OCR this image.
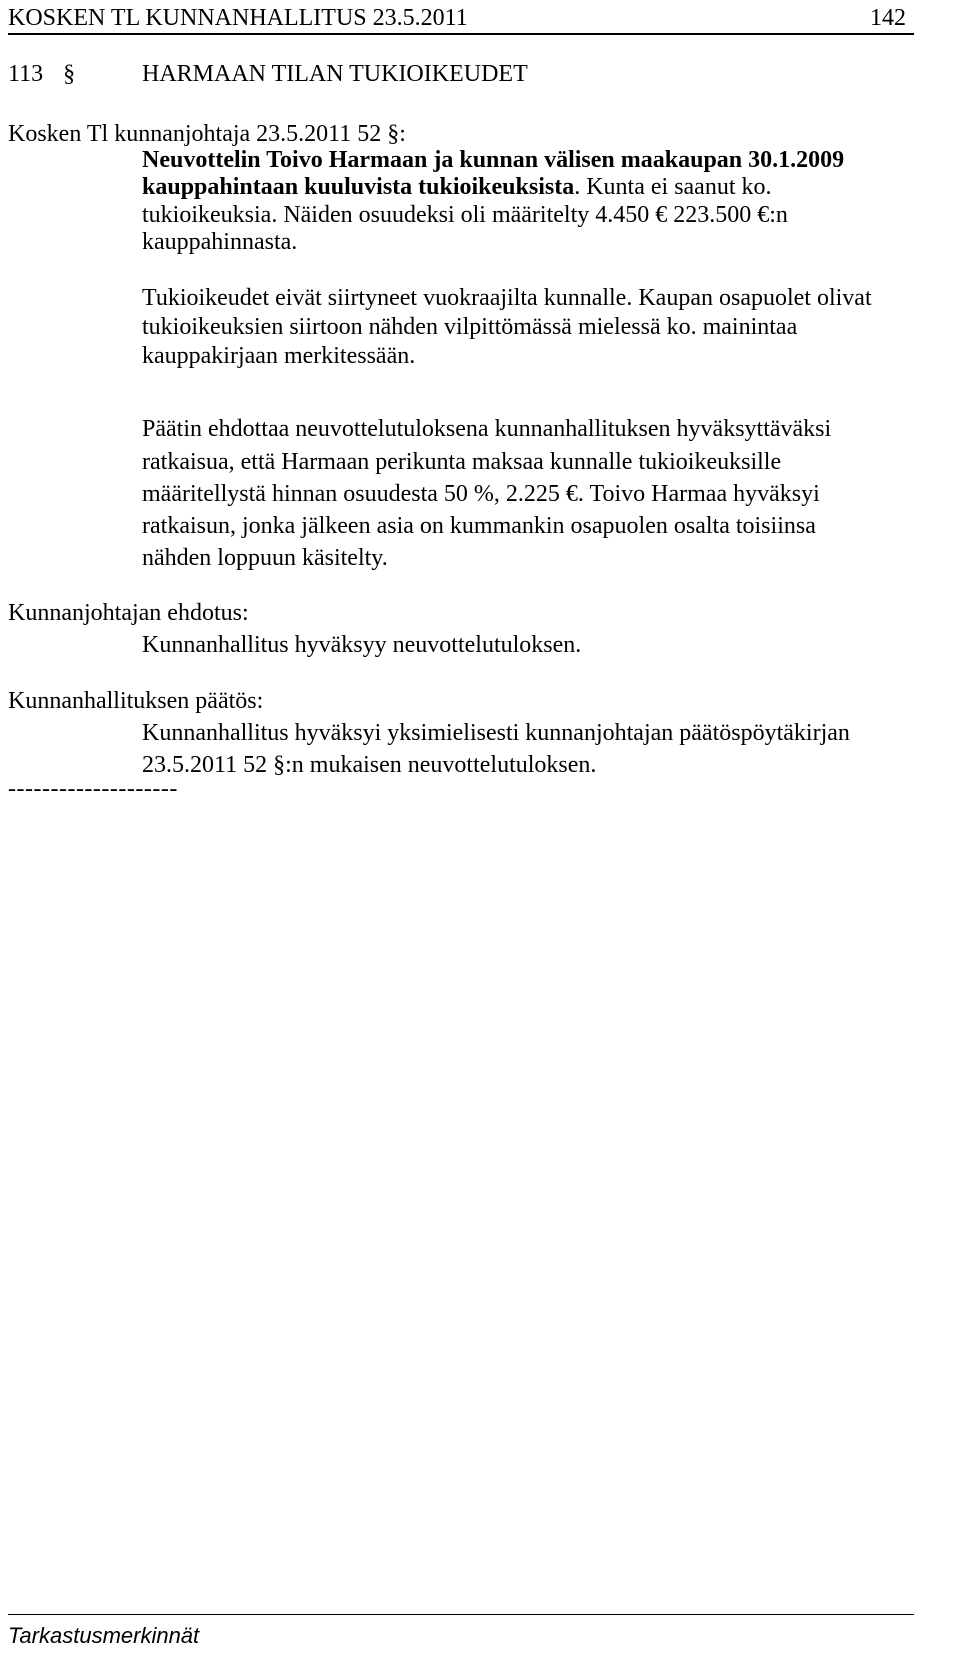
KOSKEN TL KUNNANHALLITUS 23.5.2011	142
113 §	HARMAAN TILAN TUKIOIKEUDET
Kosken Tl kunnanjohtaja 23.5.2011 52 §:
Neuvottelin Toivo Harmaan ja kunnan välisen maakaupan 30.1.2009
kauppahintaan kuuluvista tukioikeuksista. Kunta ei saanut ko.
tukioikeuksia. Näiden osuudeksi oli määritelty 4.450 € 223.500 €:n
kauppahinnasta.
Tukioikeudet eivät siirtyneet vuokraajilta kunnalle. Kaupan osapuolet olivat
tukioikeuksien siirtoon nähden vilpittömässä mielessä ko. mainintaa
kauppakirjaan merkitessään.
Päätin ehdottaa neuvottelutuloksena kunnanhallituksen hyväksyttäväksi
ratkaisua, että Harmaan perikunta maksaa kunnalle tukioikeuksille
määritellystä hinnan osuudesta 50 %, 2.225 €. Toivo Harmaa hyväksyi
ratkaisun, jonka jälkeen asia on kummankin osapuolen osalta toisiinsa
nähden loppuun käsitelty.
Kunnanjohtajan ehdotus:
Kunnanhallitus hyväksyy neuvottelutuloksen.
Kunnanhallituksen päätös:
Kunnanhallitus hyväksyi yksimielisesti kunnanjohtajan päätöspöytäkirjan
23.5.2011 52 §:n mukaisen neuvottelutuloksen.
--------------------
Tarkastusmerkinnät
